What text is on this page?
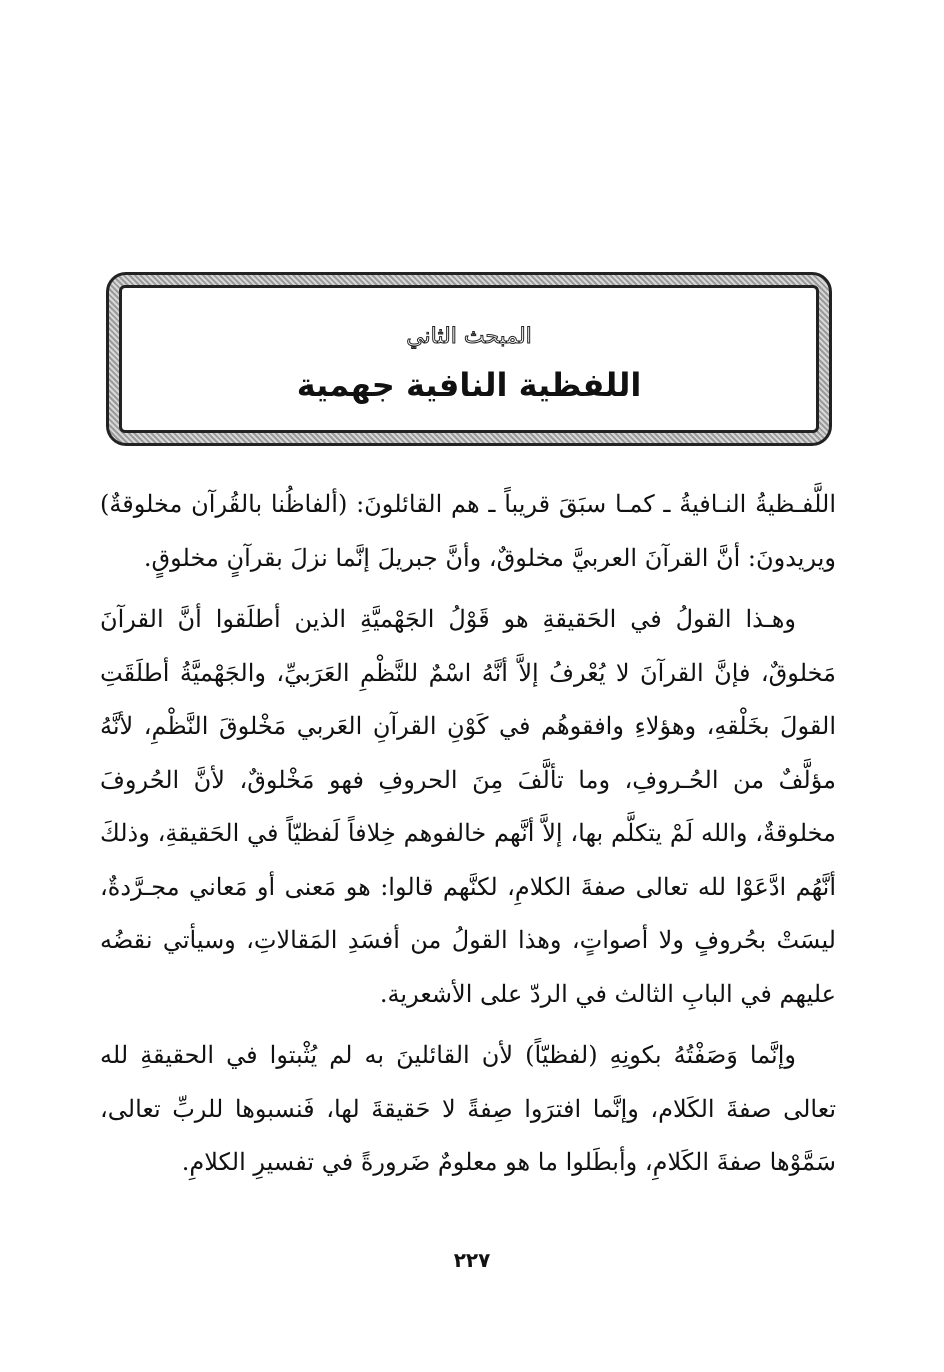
المبحث الثاني
اللفظية النافية جهمية

اللَّفـظيةُ النـافيةُ ـ كمـا سبَقَ قريباً ـ هم القائلونَ: (ألفاظُنا بالقُرآن مخلوقةٌ) ويريدونَ: أنَّ القرآنَ العربيَّ مخلوقٌ، وأنَّ جبريلَ إنَّما نزلَ بقرآنٍ مخلوقٍ.

وهـذا القولُ في الحَقيقةِ هو قَوْلُ الجَهْميَّةِ الذين أطلَقوا أنَّ القرآنَ مَخلوقٌ، فإنَّ القرآنَ لا يُعْرفُ إلاَّ أنَّهُ اسْمٌ للنَّظْمِ العَرَبيِّ، والجَهْميَّةُ أطلَقَتِ القولَ بخَلْقهِ، وهؤلاءِ وافقوهُم في كَوْنِ القرآنِ العَربي مَخْلوقَ النَّظْمِ، لأنَّهُ مؤلَّفٌ من الحُـروفِ، وما تألَّفَ مِنَ الحروفِ فهو مَخْلوقٌ، لأنَّ الحُروفَ مخلوقةٌ، والله لَمْ يتكلَّم بها، إلاَّ أنَّهم خالفوهم خِلافاً لَفظيّاً في الحَقيقةِ، وذلكَ أنَّهُم ادَّعَوْا لله تعالى صفةَ الكلامِ، لكنَّهم قالوا: هو مَعنى أو مَعاني مجـرَّدةٌ، ليسَتْ بحُروفٍ ولا أصواتٍ، وهذا القولُ من أفسَدِ المَقالاتِ، وسيأتي نقضُه عليهم في البابِ الثالث في الردّ على الأشعرية.

وإنَّما وَصَفْتُهُ بكونِهِ (لفظيّاً) لأن القائلينَ به لم يُثْبتوا في الحقيقةِ لله تعالى صفةَ الكَلام، وإنَّما افترَوا صِفةً لا حَقيقةَ لها، فَنسبوها للربِّ تعالى، سَمَّوْها صفةَ الكَلامِ، وأبطَلوا ما هو معلومٌ ضَرورةً في تفسيرِ الكلامِ.

٢٢٧
